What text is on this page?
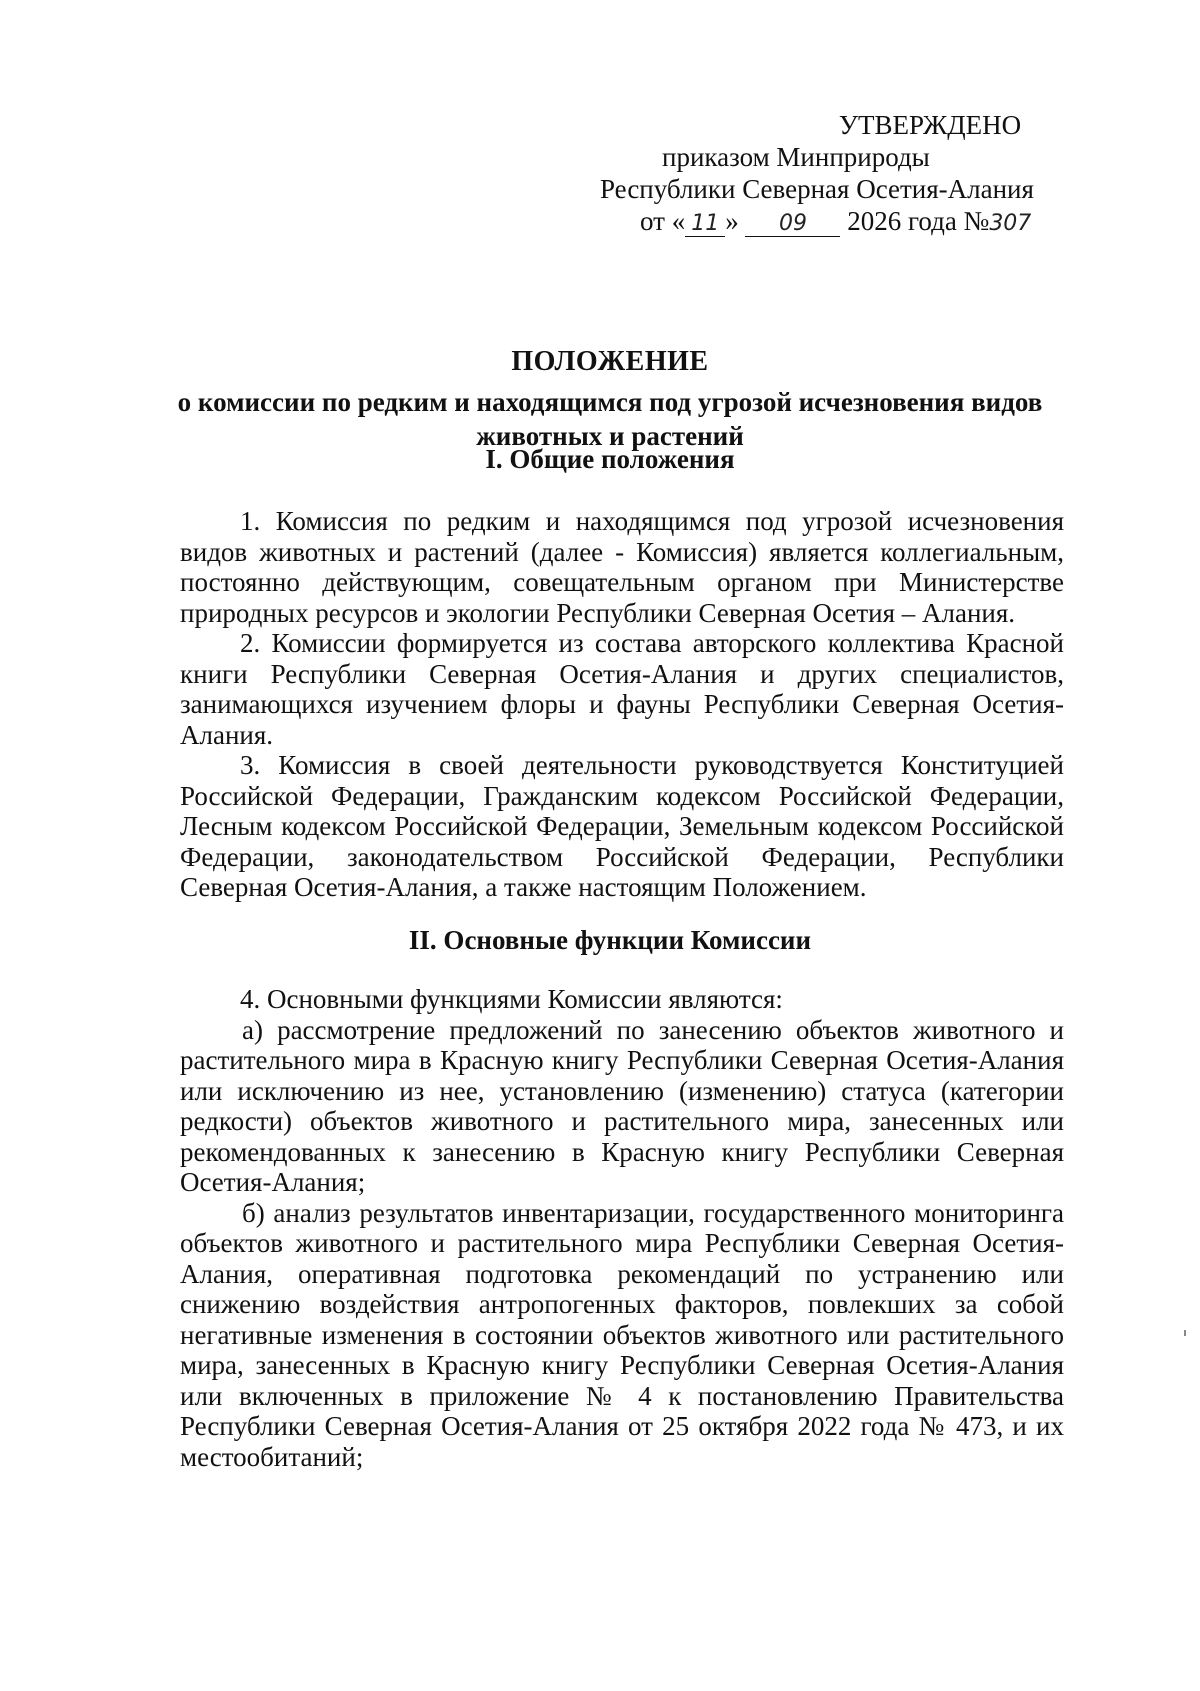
УТВЕРЖДЕНО
приказом Минприроды
Республики Северная Осетия-Алания
от « 11 » 09 2026 года №307
ПОЛОЖЕНИЕ
о комиссии по редким и находящимся под угрозой исчезновения видов животных и растений
I. Общие положения

1. Комиссия по редким и находящимся под угрозой исчезновения видов животных и растений (далее - Комиссия) является коллегиальным, постоянно действующим, совещательным органом при Министерстве природных ресурсов и экологии Республики Северная Осетия – Алания.

2. Комиссии формируется из состава авторского коллектива Красной книги Республики Северная Осетия-Алания и других специалистов, занимающихся изучением флоры и фауны Республики Северная Осетия-Алания.

3. Комиссия в своей деятельности руководствуется Конституцией Российской Федерации, Гражданским кодексом Российской Федерации, Лесным кодексом Российской Федерации, Земельным кодексом Российской Федерации, законодательством Российской Федерации, Республики Северная Осетия-Алания, а также настоящим Положением.

II. Основные функции Комиссии

4. Основными функциями Комиссии являются:

а) рассмотрение предложений по занесению объектов животного и растительного мира в Красную книгу Республики Северная Осетия-Алания или исключению из нее, установлению (изменению) статуса (категории редкости) объектов животного и растительного мира, занесенных или рекомендованных к занесению в Красную книгу Республики Северная Осетия-Алания;

б) анализ результатов инвентаризации, государственного мониторинга объектов животного и растительного мира Республики Северная Осетия-Алания, оперативная подготовка рекомендаций по устранению или снижению воздействия антропогенных факторов, повлекших за собой негативные изменения в состоянии объектов животного или растительного мира, занесенных в Красную книгу Республики Северная Осетия-Алания или включенных в приложение № 4 к постановлению Правительства Республики Северная Осетия-Алания от 25 октября 2022 года № 473, и их местообитаний;
